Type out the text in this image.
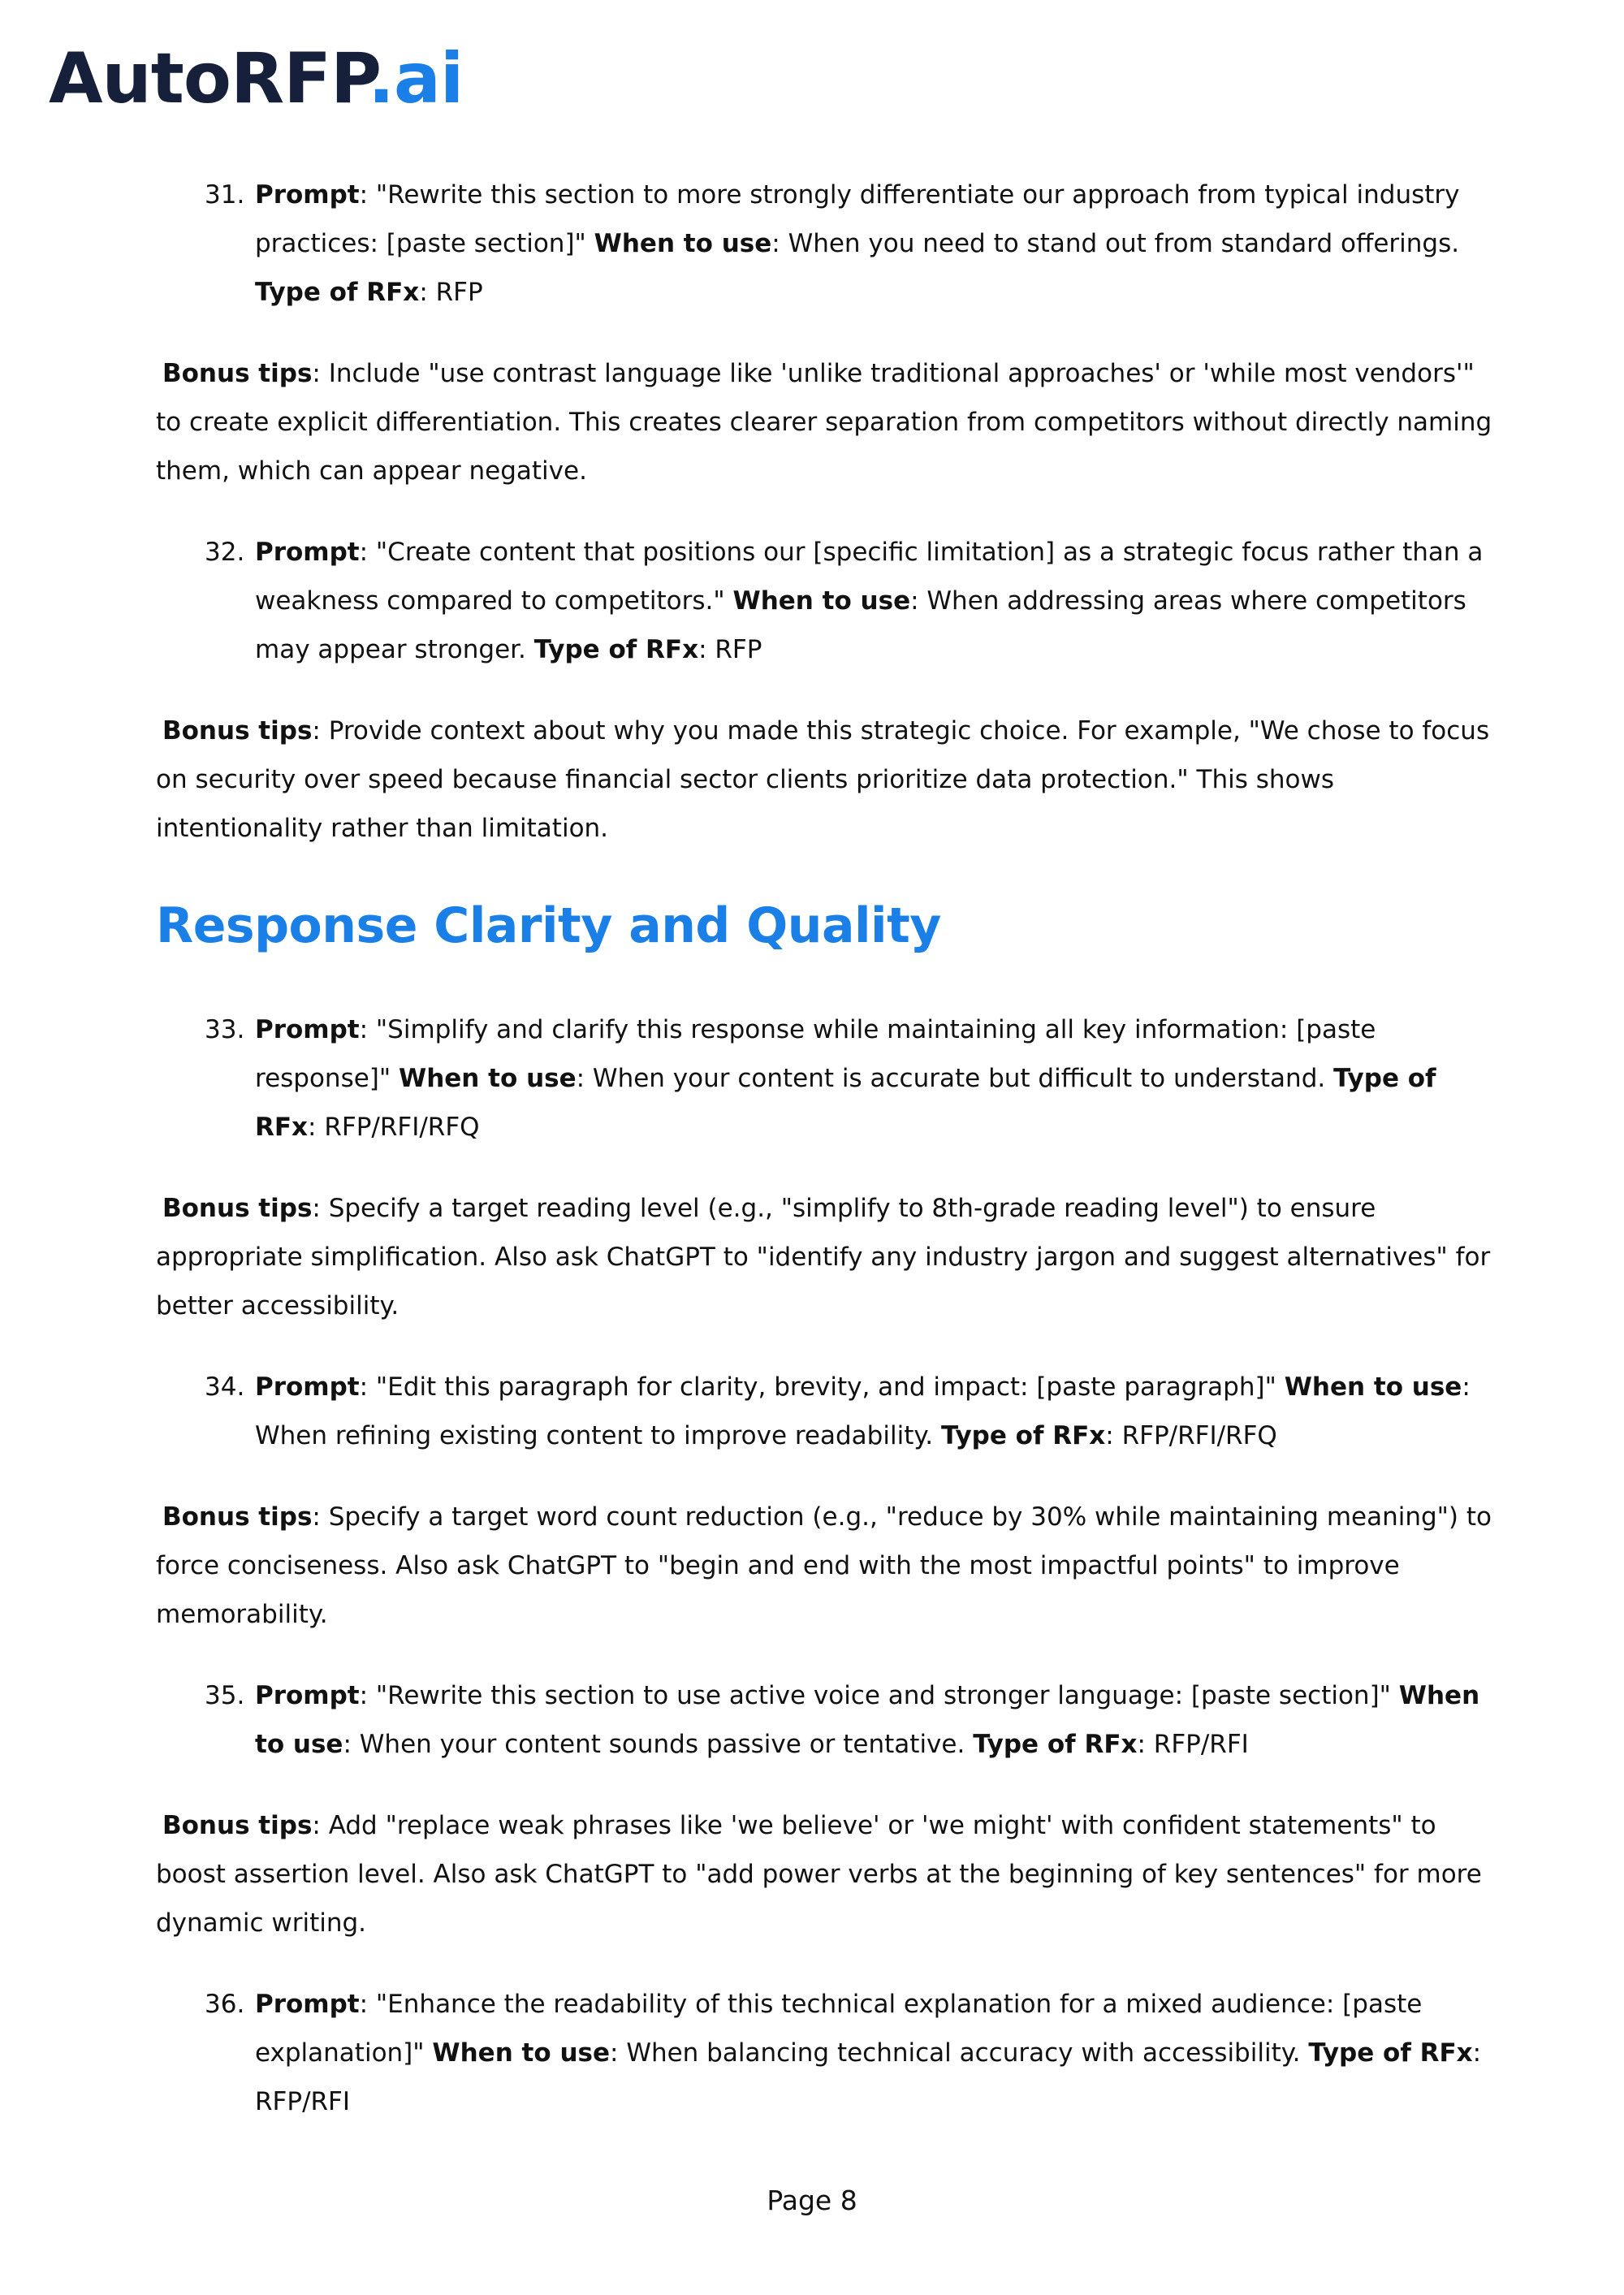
AutoRFP.ai
31. Prompt: "Rewrite this section to more strongly differentiate our approach from typical industry practices: [paste section]" When to use: When you need to stand out from standard offerings. Type of RFx: RFP
Bonus tips: Include "use contrast language like 'unlike traditional approaches' or 'while most vendors'" to create explicit differentiation. This creates clearer separation from competitors without directly naming them, which can appear negative.
32. Prompt: "Create content that positions our [specific limitation] as a strategic focus rather than a weakness compared to competitors." When to use: When addressing areas where competitors may appear stronger. Type of RFx: RFP
Bonus tips: Provide context about why you made this strategic choice. For example, "We chose to focus on security over speed because financial sector clients prioritize data protection." This shows intentionality rather than limitation.
Response Clarity and Quality
33. Prompt: "Simplify and clarify this response while maintaining all key information: [paste response]" When to use: When your content is accurate but difficult to understand. Type of RFx: RFP/RFI/RFQ
Bonus tips: Specify a target reading level (e.g., "simplify to 8th-grade reading level") to ensure appropriate simplification. Also ask ChatGPT to "identify any industry jargon and suggest alternatives" for better accessibility.
34. Prompt: "Edit this paragraph for clarity, brevity, and impact: [paste paragraph]" When to use: When refining existing content to improve readability. Type of RFx: RFP/RFI/RFQ
Bonus tips: Specify a target word count reduction (e.g., "reduce by 30% while maintaining meaning") to force conciseness. Also ask ChatGPT to "begin and end with the most impactful points" to improve memorability.
35. Prompt: "Rewrite this section to use active voice and stronger language: [paste section]" When to use: When your content sounds passive or tentative. Type of RFx: RFP/RFI
Bonus tips: Add "replace weak phrases like 'we believe' or 'we might' with confident statements" to boost assertion level. Also ask ChatGPT to "add power verbs at the beginning of key sentences" for more dynamic writing.
36. Prompt: "Enhance the readability of this technical explanation for a mixed audience: [paste explanation]" When to use: When balancing technical accuracy with accessibility. Type of RFx: RFP/RFI
Page 8
